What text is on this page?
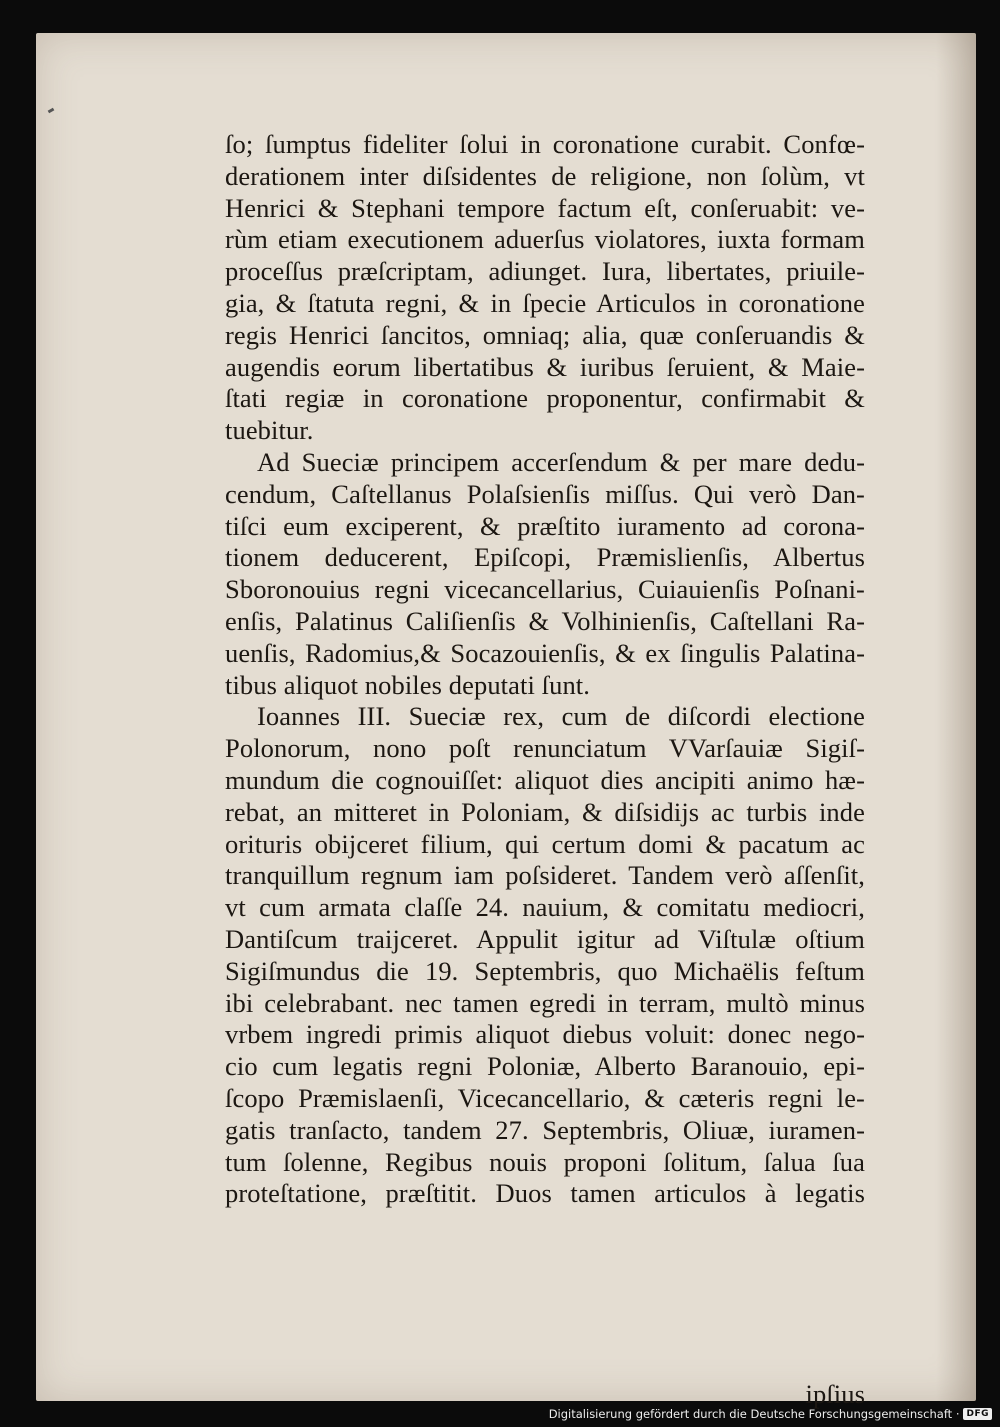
ſo; ſumptus fideliter ſolui in coronatione curabit. Confœ-
derationem inter diſsidentes de religione, non ſolùm, vt
Henrici & Stephani tempore factum eſt, conſeruabit: ve-
rùm etiam executionem aduerſus violatores, iuxta formam
proceſſus præſcriptam, adiunget. Iura, libertates, priuile-
gia, & ſtatuta regni, & in ſpecie Articulos in coronatione
regis Henrici ſancitos, omniaq; alia, quæ conſeruandis &
augendis eorum libertatibus & iuribus ſeruient, & Maie-
ſtati regiæ in coronatione proponentur, confirmabit &
tuebitur.

Ad Sueciæ principem accerſendum & per mare dedu-
cendum, Caſtellanus Polaſsienſis miſſus. Qui verò Dan-
tiſci eum exciperent, & præſtito iuramento ad corona-
tionem deducerent, Epiſcopi, Præmislienſis, Albertus
Sboronouius regni vicecancellarius, Cuiauienſis Poſnani-
enſis, Palatinus Caliſienſis & Volhinienſis, Caſtellani Ra-
uenſis, Radomius,& Socazouienſis, & ex ſingulis Palatina-
tibus aliquot nobiles deputati ſunt.

Ioannes III. Sueciæ rex, cum de diſcordi electione
Polonorum, nono poſt renunciatum VVarſauiæ Sigiſ-
mundum die cognouiſſet: aliquot dies ancipiti animo hæ-
rebat, an mitteret in Poloniam, & diſsidijs ac turbis inde
orituris obijceret filium, qui certum domi & pacatum ac
tranquillum regnum iam poſsideret. Tandem verò aſſenſit,
vt cum armata claſſe 24. nauium, & comitatu mediocri,
Dantiſcum traijceret. Appulit igitur ad Viſtulæ oſtium
Sigiſmundus die 19. Septembris, quo Michaëlis feſtum
ibi celebrabant. nec tamen egredi in terram, multò minus
vrbem ingredi primis aliquot diebus voluit: donec nego-
cio cum legatis regni Poloniæ, Alberto Baranouio, epi-
ſcopo Præmislaenſi, Vicecancellario, & cæteris regni le-
gatis tranſacto, tandem 27. Septembris, Oliuæ, iuramen-
tum ſolenne, Regibus nouis proponi ſolitum, ſalua ſua
proteſtatione, præſtitit. Duos tamen articulos à legatis

ipſius
Digitalisierung gefördert durch die Deutsche Forschungsgemeinschaft · DFG
